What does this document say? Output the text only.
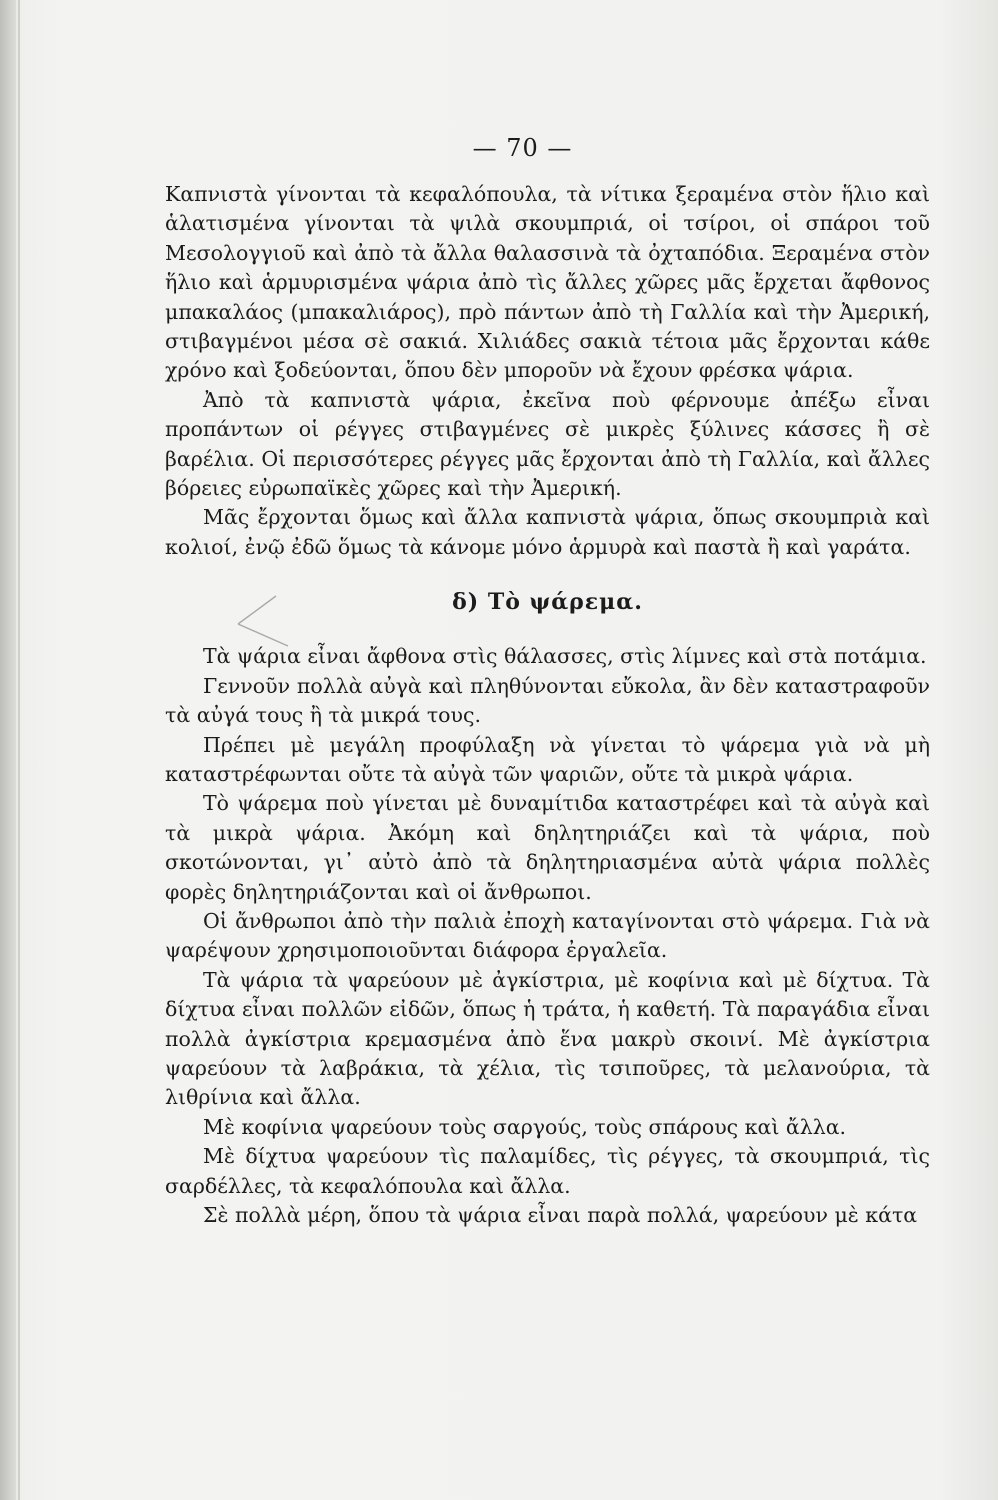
— 70 —

Καπνιστὰ γίνονται τὰ κεφαλόπουλα, τὰ νίτικα ξεραμένα στὸν ἥλιο καὶ ἁλατισμένα γίνονται τὰ ψιλὰ σκουμπριά, οἱ τσίροι, οἱ σπάροι τοῦ Μεσολογγιοῦ καὶ ἀπὸ τὰ ἄλλα θαλασσινὰ τὰ ὀχταπόδια. Ξεραμένα στὸν ἥλιο καὶ ἁρμυρισμένα ψάρια ἀπὸ τὶς ἄλλες χῶρες μᾶς ἔρχεται ἄφθονος μπακαλάος (μπακαλιάρος), πρὸ πάντων ἀπὸ τὴ Γαλλία καὶ τὴν Ἀμερική, στιβαγμένοι μέσα σὲ σακιά. Χιλιάδες σακιὰ τέτοια μᾶς ἔρχονται κάθε χρόνο καὶ ξοδεύονται, ὅπου δὲν μποροῦν νὰ ἔχουν φρέσκα ψάρια.

Ἀπὸ τὰ καπνιστὰ ψάρια, ἐκεῖνα ποὺ φέρνουμε ἀπέξω εἶναι προπάντων οἱ ρέγγες στιβαγμένες σὲ μικρὲς ξύλινες κάσσες ἢ σὲ βαρέλια. Οἱ περισσότερες ρέγγες μᾶς ἔρχονται ἀπὸ τὴ Γαλλία, καὶ ἄλλες βόρειες εὐρωπαϊκὲς χῶρες καὶ τὴν Ἀμερική.

Μᾶς ἔρχονται ὅμως καὶ ἄλλα καπνιστὰ ψάρια, ὅπως σκουμπριὰ καὶ κολιοί, ἐνῷ ἐδῶ ὅμως τὰ κάνομε μόνο ἁρμυρὰ καὶ παστὰ ἢ καὶ γαράτα.

δ) Τὸ ψάρεμα.

Τὰ ψάρια εἶναι ἄφθονα στὶς θάλασσες, στὶς λίμνες καὶ στὰ ποτάμια.

Γεννοῦν πολλὰ αὐγὰ καὶ πληθύνονται εὔκολα, ἂν δὲν καταστραφοῦν τὰ αὐγά τους ἢ τὰ μικρά τους.

Πρέπει μὲ μεγάλη προφύλαξη νὰ γίνεται τὸ ψάρεμα γιὰ νὰ μὴ καταστρέφωνται οὔτε τὰ αὐγὰ τῶν ψαριῶν, οὔτε τὰ μικρὰ ψάρια.

Τὸ ψάρεμα ποὺ γίνεται μὲ δυναμίτιδα καταστρέφει καὶ τὰ αὐγὰ καὶ τὰ μικρὰ ψάρια. Ἀκόμη καὶ δηλητηριάζει καὶ τὰ ψάρια, ποὺ σκοτώνονται, γι᾽ αὐτὸ ἀπὸ τὰ δηλητηριασμένα αὐτὰ ψάρια πολλὲς φορὲς δηλητηριάζονται καὶ οἱ ἄνθρωποι.

Οἱ ἄνθρωποι ἀπὸ τὴν παλιὰ ἐποχὴ καταγίνονται στὸ ψάρεμα. Γιὰ νὰ ψαρέψουν χρησιμοποιοῦνται διάφορα ἐργαλεῖα.

Τὰ ψάρια τὰ ψαρεύουν μὲ ἀγκίστρια, μὲ κοφίνια καὶ μὲ δίχτυα. Τὰ δίχτυα εἶναι πολλῶν εἰδῶν, ὅπως ἡ τράτα, ἡ καθετή. Τὰ παραγάδια εἶναι πολλὰ ἀγκίστρια κρεμασμένα ἀπὸ ἕνα μακρὺ σκοινί. Μὲ ἀγκίστρια ψαρεύουν τὰ λαβράκια, τὰ χέλια, τὶς τσιποῦρες, τὰ μελανούρια, τὰ λιθρίνια καὶ ἄλλα.

Μὲ κοφίνια ψαρεύουν τοὺς σαργούς, τοὺς σπάρους καὶ ἄλλα.

Μὲ δίχτυα ψαρεύουν τὶς παλαμίδες, τὶς ρέγγες, τὰ σκουμπριά, τὶς σαρδέλλες, τὰ κεφαλόπουλα καὶ ἄλλα.

Σὲ πολλὰ μέρη, ὅπου τὰ ψάρια εἶναι παρὰ πολλά, ψαρεύουν μὲ κάτα
